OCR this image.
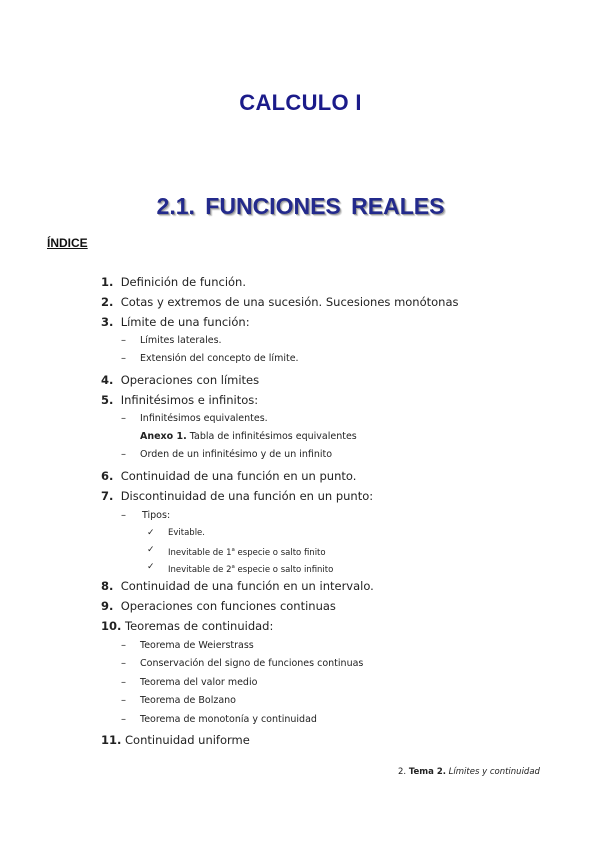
CALCULO I
2.1. FUNCIONES REALES
ÍNDICE
1. Definición de función.
2. Cotas y extremos de una sucesión. Sucesiones monótonas
3. Límite de una función:
– Límites laterales.
– Extensión del concepto de límite.
4. Operaciones con límites
5. Infinitésimos e infinitos:
– Infinitésimos equivalentes.
Anexo 1. Tabla de infinitésimos equivalentes
– Orden de un infinitésimo y de un infinito
6. Continuidad de una función en un punto.
7. Discontinuidad de una función en un punto:
– Tipos:
✓ Evitable.
✓ Inevitable de 1$^a$ especie o salto finito
✓ Inevitable de 2$^a$ especie o salto infinito
8. Continuidad de una función en un intervalo.
9. Operaciones con funciones continuas
10. Teoremas de continuidad:
– Teorema de Weierstrass
– Conservación del signo de funciones continuas
– Teorema del valor medio
– Teorema de Bolzano
– Teorema de monotonía y continuidad
11. Continuidad uniforme
2. Tema 2. Límites y continuidad
